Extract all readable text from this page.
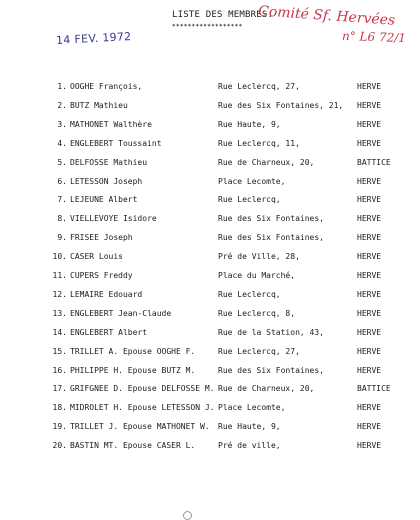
LISTE DES MEMBRES.
✶✶✶✶✶✶✶✶✶✶✶✶✶✶✶✶✶✶
14 FEV. 1972
Comité Sf. Hervées
n° L6 72/1
1. OOGHE François,	Rue Leclercq, 27,	HERVE
2. BUTZ Mathieu	Rue des Six Fontaines, 21, HERVE
3. MATHONET Walthère	Rue Haute, 9,	HERVE
4. ENGLEBERT Toussaint	Rue Leclercq, 11,	HERVE
5. DELFOSSE Mathieu	Rue de Charneux, 20,	BATTICE
6. LETESSON Joseph	Place Lecomte,	HERVE
7. LEJEUNE Albert	Rue Leclercq,	HERVE
8. VIELLEVOYE Isidore	Rue des Six Fontaines,	HERVE
9. FRISEE Joseph	Rue des Six Fontaines,	HERVE
10. CASER Louis	Pré de Ville, 28,	HERVE
11. CUPERS Freddy	Place du Marché,	HERVE
12. LEMAIRE Edouard	Rue Leclercq,	HERVE
13. ENGLEBERT Jean-Claude	Rue Leclercq, 8,	HERVE
14. ENGLEBERT Albert	Rue de la Station, 43,	HERVE
15. TRILLET A. Epouse OOGHE F.	Rue Leclercq, 27,	HERVE
16. PHILIPPE H. Epouse BUTZ M.	Rue des Six Fontaines,	HERVE
17. GRIFGNEE D. Epouse DELFOSSE M. Rue de Charneux, 20,	BATTICE
18. MIDROLET H. Epouse LETESSON J. Place Lecomte,	HERVE
19. TRILLET J. Epouse MATHONET W. Rue Haute, 9,	HERVE
20. BASTIN MT. Epouse CASER L.	Pré de ville,	HERVE
